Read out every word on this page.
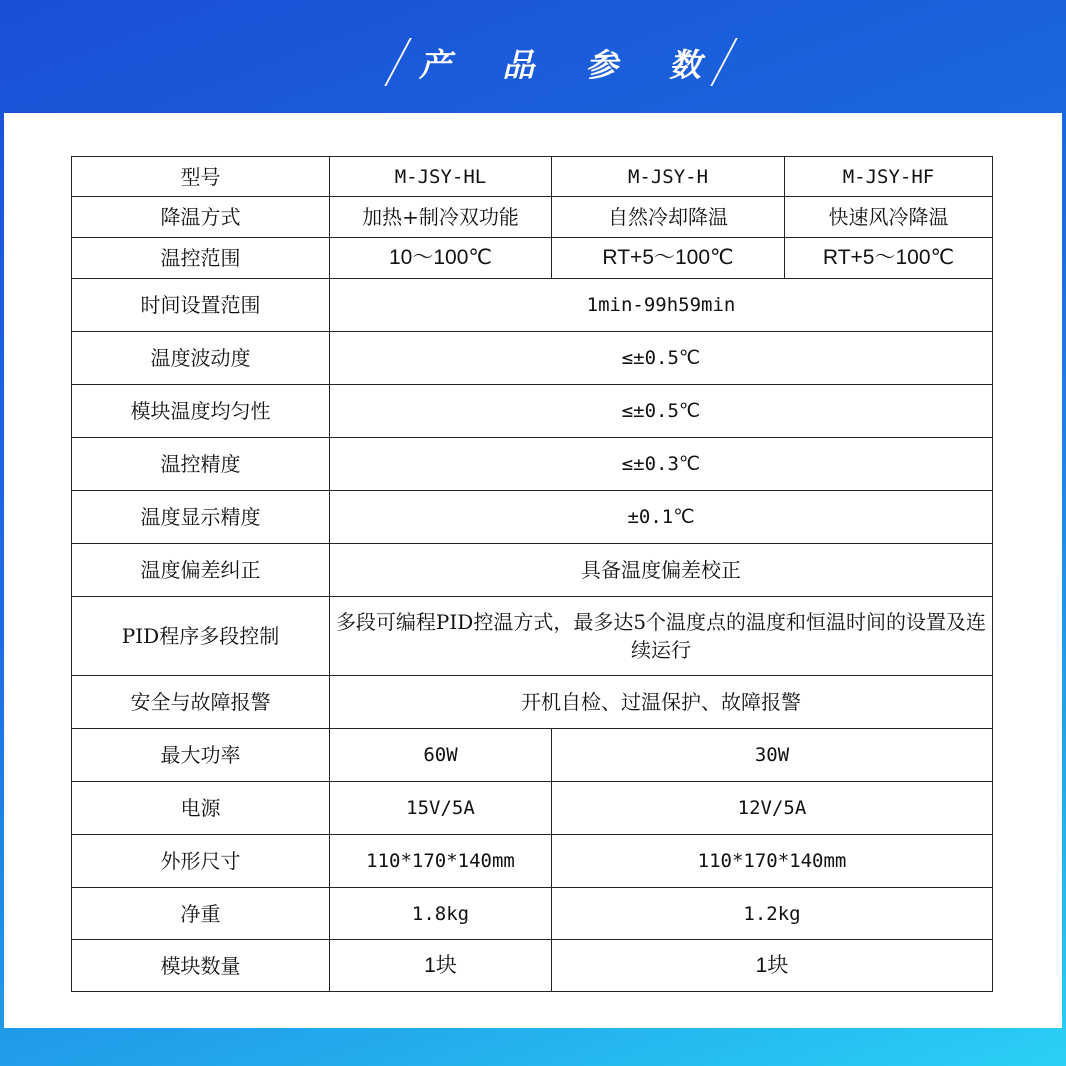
产 品 参 数
型号	M-JSY-HL	M-JSY-H	M-JSY-HF
降温方式	加热+制冷双功能	自然冷却降温	快速风冷降温
温控范围	10～100℃	RT+5～100℃	RT+5～100℃
时间设置范围	1min-99h59min		
温度波动度	≤±0.5℃		
模块温度均匀性	≤±0.5℃		
温控精度	≤±0.3℃		
温度显示精度	±0.1℃		
温度偏差纠正	具备温度偏差校正		
PID程序多段控制	多段可编程PID控温方式，最多达5个温度点的温度和恒温时间的设置及连续运行		
安全与故障报警	开机自检、过温保护、故障报警		
最大功率	60W	30W	
电源	15V/5A	12V/5A	
外形尺寸	110*170*140mm	110*170*140mm	
净重	1.8kg	1.2kg	
模块数量	1块	1块	
